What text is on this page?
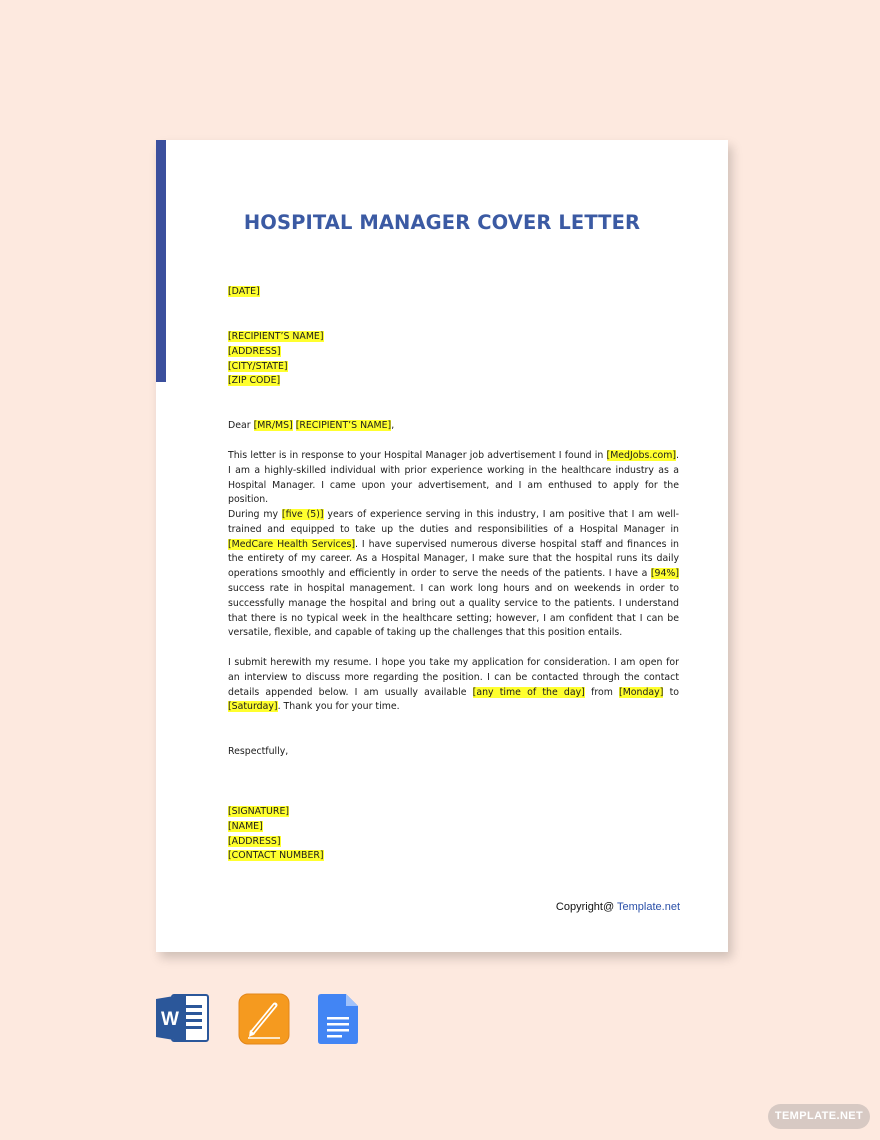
HOSPITAL MANAGER COVER LETTER
[DATE]
[RECIPIENT’S NAME]
[ADDRESS]
[CITY/STATE]
[ZIP CODE]
Dear [MR/MS] [RECIPIENT’S NAME],
This letter is in response to your Hospital Manager job advertisement I found in [MedJobs.com]. I am a highly-skilled individual with prior experience working in the healthcare industry as a Hospital Manager. I came upon your advertisement, and I am enthused to apply for the position.
During my [five (5)] years of experience serving in this industry, I am positive that I am well-trained and equipped to take up the duties and responsibilities of a Hospital Manager in [MedCare Health Services]. I have supervised numerous diverse hospital staff and finances in the entirety of my career. As a Hospital Manager, I make sure that the hospital runs its daily operations smoothly and efficiently in order to serve the needs of the patients. I have a [94%] success rate in hospital management. I can work long hours and on weekends in order to successfully manage the hospital and bring out a quality service to the patients. I understand that there is no typical week in the healthcare setting; however, I am confident that I can be versatile, flexible, and capable of taking up the challenges that this position entails.
I submit herewith my resume. I hope you take my application for consideration. I am open for an interview to discuss more regarding the position. I can be contacted through the contact details appended below. I am usually available [any time of the day] from [Monday] to [Saturday]. Thank you for your time.
Respectfully,
[SIGNATURE]
[NAME]
[ADDRESS]
[CONTACT NUMBER]
Copyright@ Template.net
W
TEMPLATE.NET
